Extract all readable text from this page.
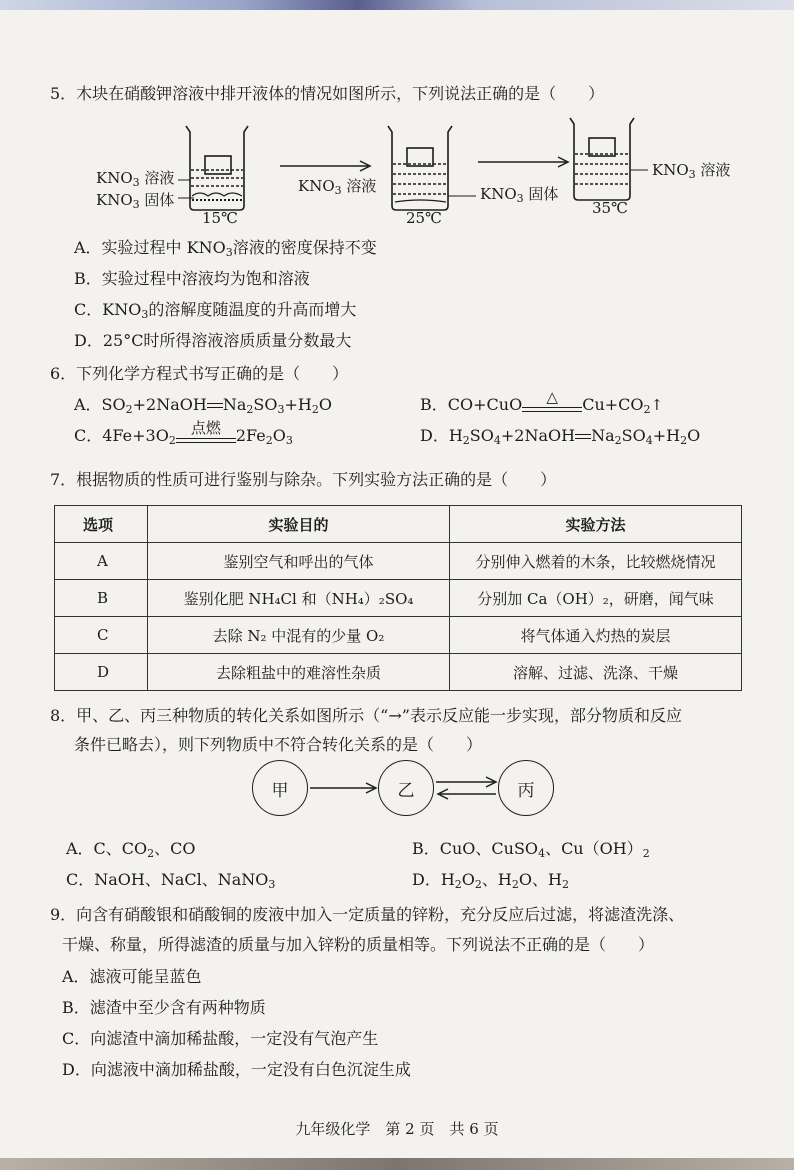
5．木块在硝酸钾溶液中排开液体的情况如图所示，下列说法正确的是（　　）
$KNO_3$ 溶液
$KNO_3$ 固体
15℃
$KNO_3$ 溶液	$KNO_3$ 固体
25℃
$KNO_3$ 溶液
35℃
A．实验过程中 $KNO_3$溶液的密度保持不变
B．实验过程中溶液均为饱和溶液
C．$KNO_3$的溶解度随温度的升高而增大
D．25°C时所得溶液溶质质量分数最大
6．下列化学方程式书写正确的是（　　）
A．$SO_2+2NaOH$ $Na_2SO_3+H_2O$	B．CO+CuO	△	$Cu+CO_2↑$
C．$4Fe+3O_2$
点燃 $2Fe_2O_3$	D．$H_2SO_4+2NaOH$ $Na_2SO_4+H_2O$
7．根据物质的性质可进行鉴别与除杂。下列实验方法正确的是（　　）
选项	实验目的	实验方法
A	鉴别空气和呼出的气体	分别伸入燃着的木条，比较燃烧情况
B	鉴别化肥 NH₄Cl 和（NH₄）₂SO₄	分别加 Ca（OH）₂，研磨，闻气味
C	去除 N₂ 中混有的少量 O₂	将气体通入灼热的炭层
D	去除粗盐中的难溶性杂质	溶解、过滤、洗涤、干燥
8．甲、乙、丙三种物质的转化关系如图所示（“→”表示反应能一步实现，部分物质和反应
条件已略去），则下列物质中不符合转化关系的是（　　）
甲	乙	丙
A．C、$CO_2$、CO	B．CuO、CuSO$_4$、$Cu(OH)_2$
C．NaOH、NaCl、NaNO$_3$	D．$H_2O_2$、$H_2O$、$H_2$
9．向含有硝酸银和硝酸铜的废液中加入一定质量的锌粉，充分反应后过滤，将滤渣洗涤、
干燥、称量，所得滤渣的质量与加入锌粉的质量相等。下列说法不正确的是（　　）
A．滤液可能呈蓝色
B．滤渣中至少含有两种物质
C．向滤渣中滴加稀盐酸，一定没有气泡产生
D．向滤液中滴加稀盐酸，一定没有白色沉淀生成
九年级化学　第 2 页　共 6 页
